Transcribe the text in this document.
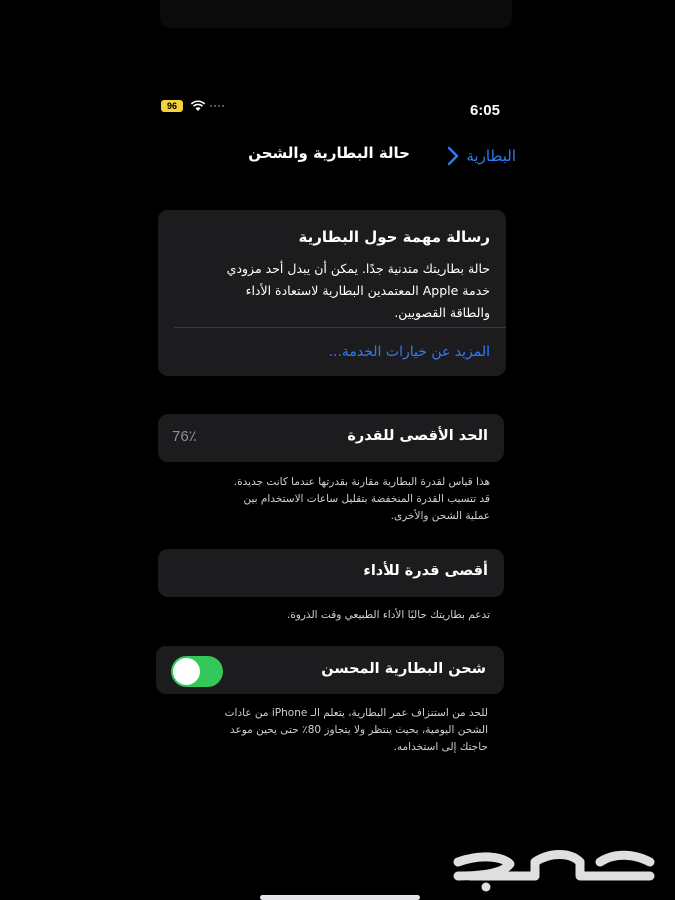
96	6:05
البطارية
حالة البطارية والشحن
رسالة مهمة حول البطارية
حالة بطاريتك متدنية جدًا. يمكن أن يبدل أحد مزودي
خدمة Apple المعتمدين البطارية لاستعادة الأداء
والطاقة القصويين.
المزيد عن خيارات الخدمة...
الحد الأقصى للقدرة
76٪
هذا قياس لقدرة البطارية مقارنة بقدرتها عندما كانت جديدة.
قد تتسبب القدرة المنخفضة بتقليل ساعات الاستخدام بين
عملية الشحن والأخرى.
أقصى قدرة للأداء
تدعم بطاريتك حاليًا الأداء الطبيعي وقت الذروة.
شحن البطارية المحسن
للحد من استنزاف عمر البطارية، يتعلم الـ iPhone من عادات
الشحن اليومية، بحيث ينتظر ولا يتجاوز 80٪ حتى يحين موعد
حاجتك إلى استخدامه.
